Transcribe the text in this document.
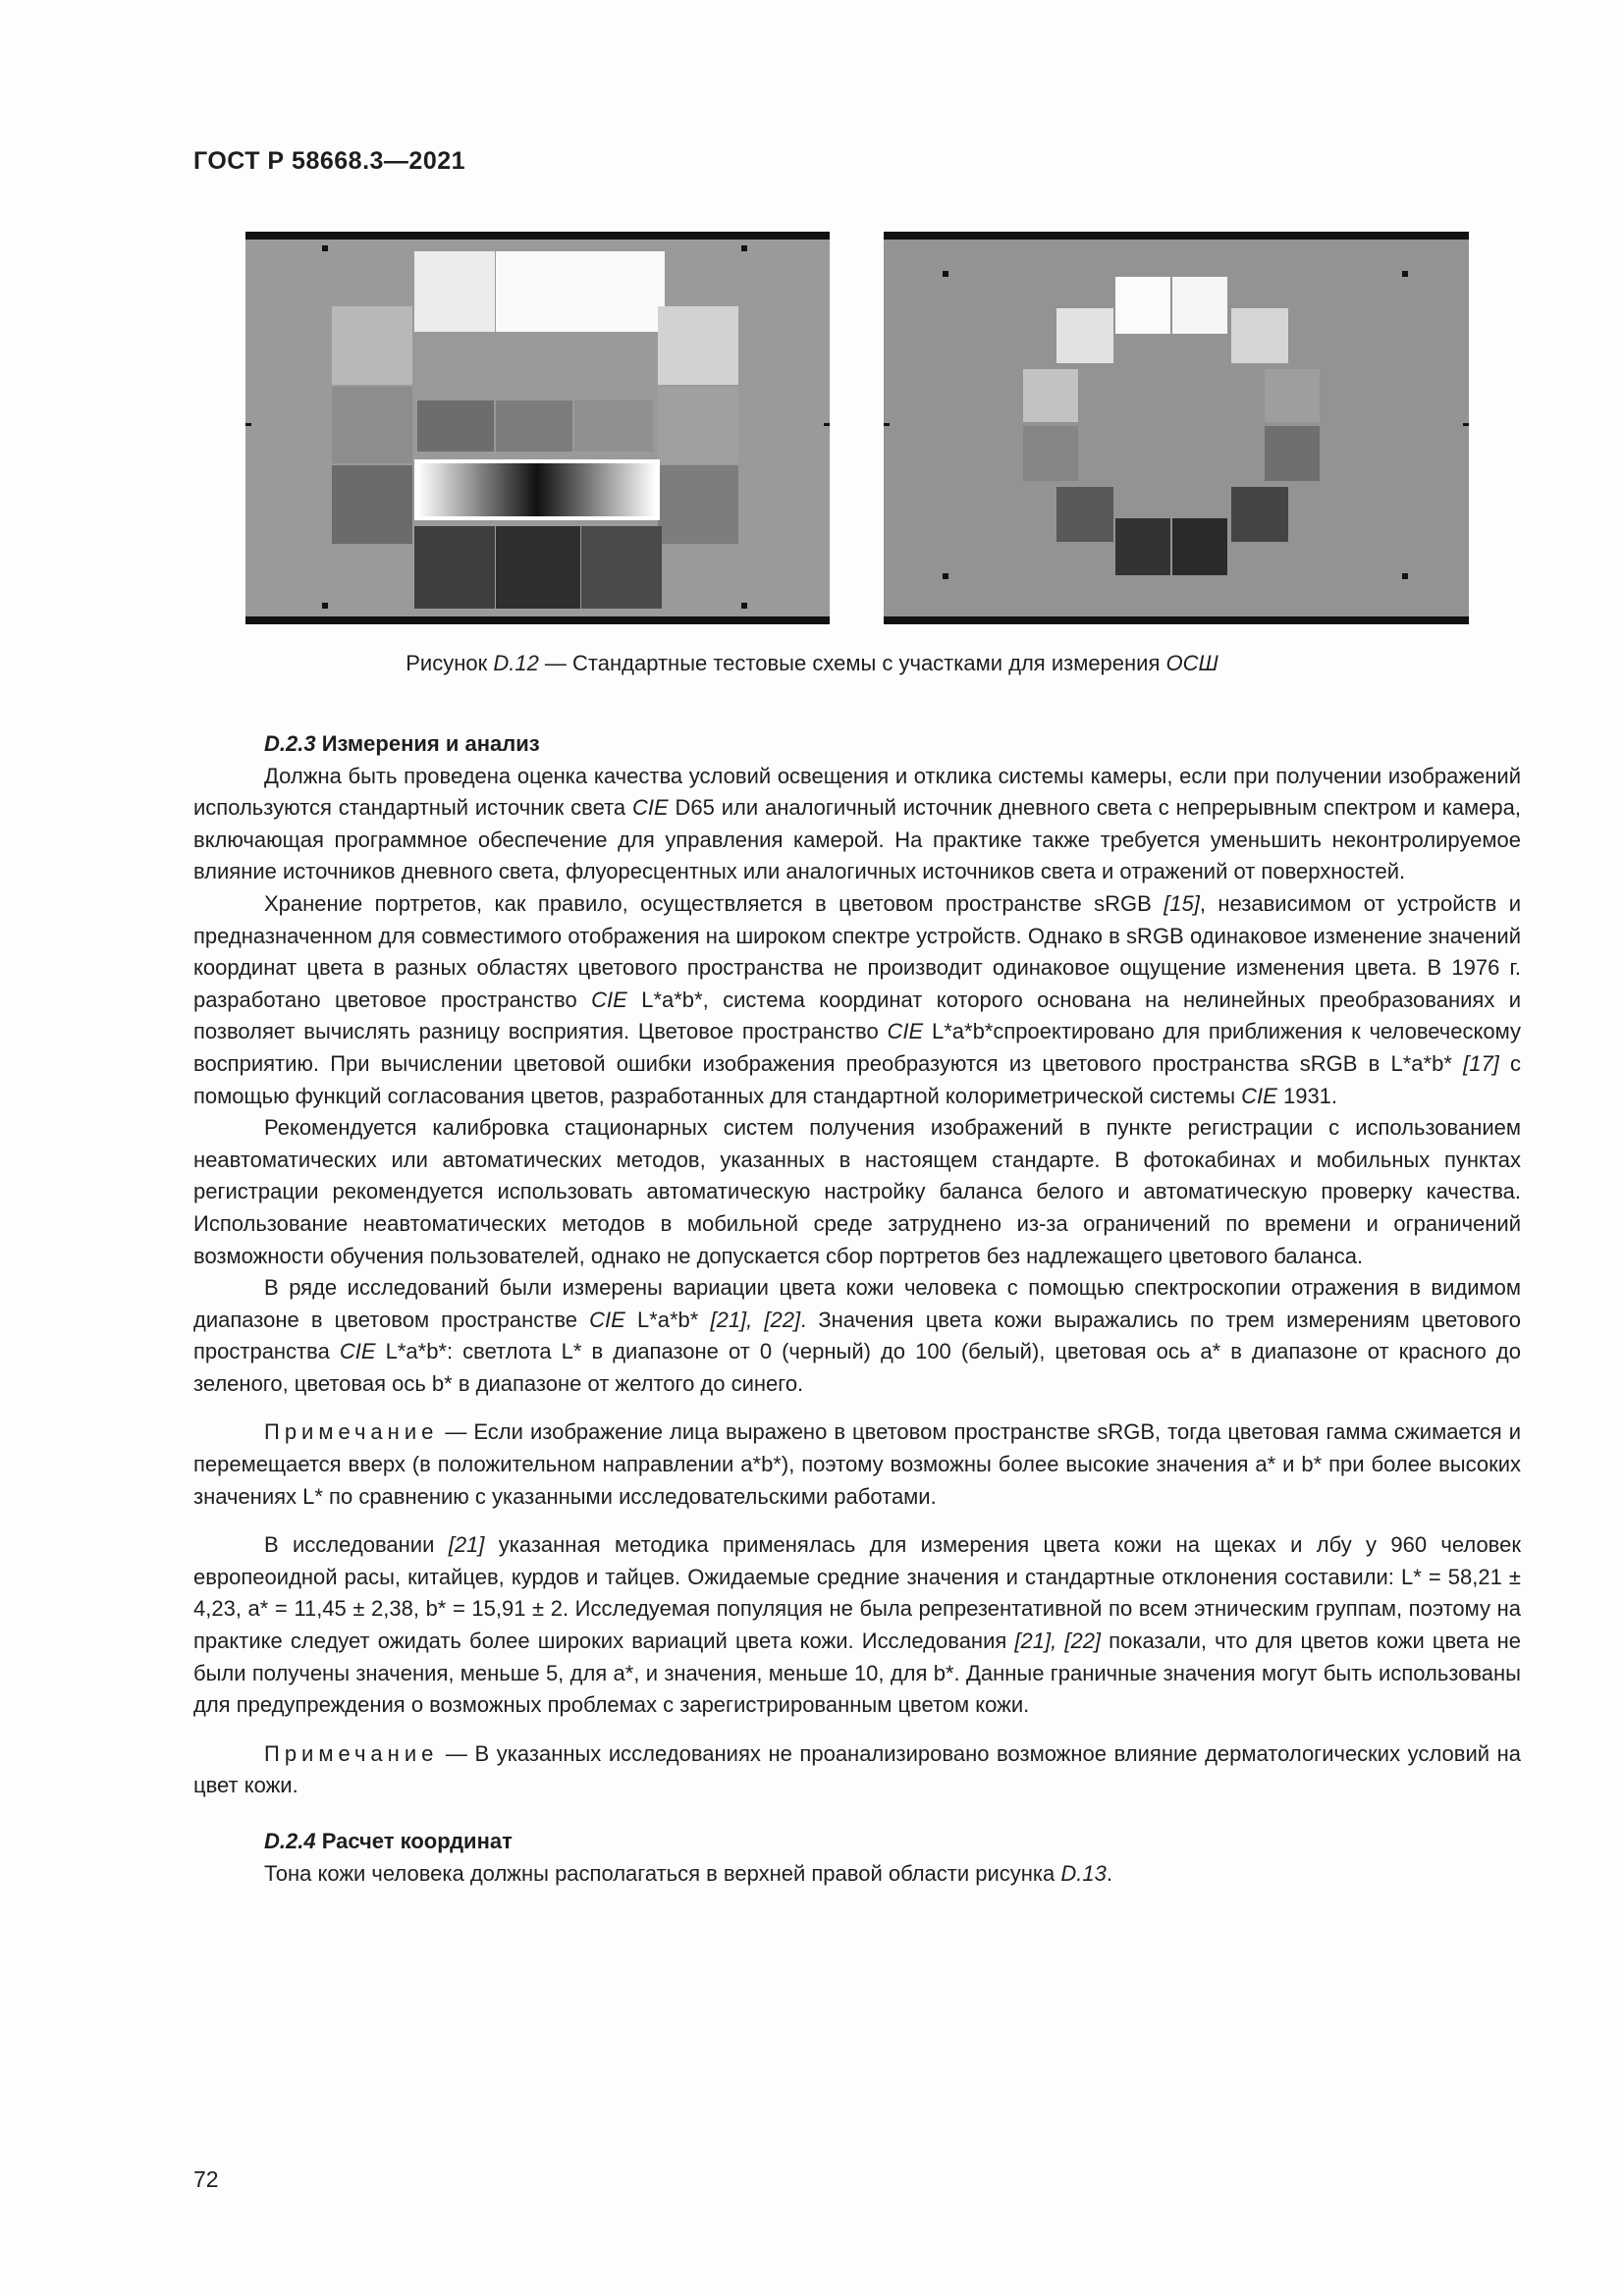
ГОСТ Р 58668.3—2021
Рисунок D.12 — Стандартные тестовые схемы с участками для измерения ОСШ
D.2.3 Измерения и анализ

Должна быть проведена оценка качества условий освещения и отклика системы камеры, если при получении изображений используются стандартный источник света CIE D65 или аналогичный источник дневного света с непрерывным спектром и камера, включающая программное обеспечение для управления камерой. На практике также требуется уменьшить неконтролируемое влияние источников дневного света, флуоресцентных или аналогичных источников света и отражений от поверхностей.

Хранение портретов, как правило, осуществляется в цветовом пространстве sRGB [15], независимом от устройств и предназначенном для совместимого отображения на широком спектре устройств. Однако в sRGB одинаковое изменение значений координат цвета в разных областях цветового пространства не производит одинаковое ощущение изменения цвета. В 1976 г. разработано цветовое пространство CIE L*a*b*, система координат которого основана на нелинейных преобразованиях и позволяет вычислять разницу восприятия. Цветовое пространство CIE L*a*b*спроектировано для приближения к человеческому восприятию. При вычислении цветовой ошибки изображения преобразуются из цветового пространства sRGB в L*a*b* [17] с помощью функций согласования цветов, разработанных для стандартной колориметрической системы CIE 1931.

Рекомендуется калибровка стационарных систем получения изображений в пункте регистрации с использованием неавтоматических или автоматических методов, указанных в настоящем стандарте. В фотокабинах и мобильных пунктах регистрации рекомендуется использовать автоматическую настройку баланса белого и автоматическую проверку качества. Использование неавтоматических методов в мобильной среде затруднено из-за ограничений по времени и ограничений возможности обучения пользователей, однако не допускается сбор портретов без надлежащего цветового баланса.

В ряде исследований были измерены вариации цвета кожи человека с помощью спектроскопии отражения в видимом диапазоне в цветовом пространстве CIE L*a*b* [21], [22]. Значения цвета кожи выражались по трем измерениям цветового пространства CIE L*a*b*: светлота L* в диапазоне от 0 (черный) до 100 (белый), цветовая ось a* в диапазоне от красного до зеленого, цветовая ось b* в диапазоне от желтого до синего.

Примечание — Если изображение лица выражено в цветовом пространстве sRGB, тогда цветовая гамма сжимается и перемещается вверх (в положительном направлении a*b*), поэтому возможны более высокие значения a* и b* при более высоких значениях L* по сравнению с указанными исследовательскими работами.

В исследовании [21] указанная методика применялась для измерения цвета кожи на щеках и лбу у 960 человек европеоидной расы, китайцев, курдов и тайцев. Ожидаемые средние значения и стандартные отклонения составили: L* = 58,21 ± 4,23, a* = 11,45 ± 2,38, b* = 15,91 ± 2. Исследуемая популяция не была репрезентативной по всем этническим группам, поэтому на практике следует ожидать более широких вариаций цвета кожи. Исследования [21], [22] показали, что для цветов кожи цвета не были получены значения, меньше 5, для a*, и значения, меньше 10, для b*. Данные граничные значения могут быть использованы для предупреждения о возможных проблемах с зарегистрированным цветом кожи.

Примечание — В указанных исследованиях не проанализировано возможное влияние дерматологических условий на цвет кожи.

D.2.4 Расчет координат

Тона кожи человека должны располагаться в верхней правой области рисунка D.13.

72
